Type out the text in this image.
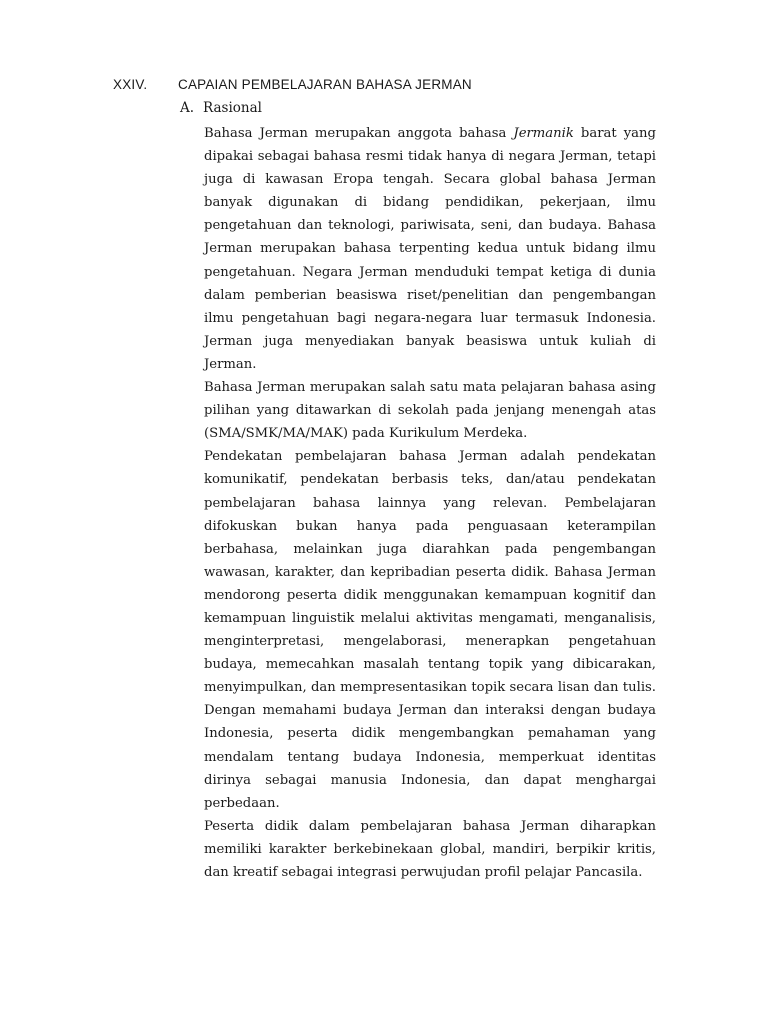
XXIV. CAPAIAN PEMBELAJARAN BAHASA JERMAN
A. Rasional

Bahasa Jerman merupakan anggota bahasa Jermanik barat yang dipakai sebagai bahasa resmi tidak hanya di negara Jerman, tetapi juga di kawasan Eropa tengah. Secara global bahasa Jerman banyak digunakan di bidang pendidikan, pekerjaan, ilmu pengetahuan dan teknologi, pariwisata, seni, dan budaya. Bahasa Jerman merupakan bahasa terpenting kedua untuk bidang ilmu pengetahuan. Negara Jerman menduduki tempat ketiga di dunia dalam pemberian beasiswa riset/penelitian dan pengembangan ilmu pengetahuan bagi negara-negara luar termasuk Indonesia. Jerman juga menyediakan banyak beasiswa untuk kuliah di Jerman.

Bahasa Jerman merupakan salah satu mata pelajaran bahasa asing pilihan yang ditawarkan di sekolah pada jenjang menengah atas (SMA/SMK/MA/MAK) pada Kurikulum Merdeka.

Pendekatan pembelajaran bahasa Jerman adalah pendekatan komunikatif, pendekatan berbasis teks, dan/atau pendekatan pembelajaran bahasa lainnya yang relevan. Pembelajaran difokuskan bukan hanya pada penguasaan keterampilan berbahasa, melainkan juga diarahkan pada pengembangan wawasan, karakter, dan kepribadian peserta didik. Bahasa Jerman mendorong peserta didik menggunakan kemampuan kognitif dan kemampuan linguistik melalui aktivitas mengamati, menganalisis, menginterpretasi, mengelaborasi, menerapkan pengetahuan budaya, memecahkan masalah tentang topik yang dibicarakan, menyimpulkan, dan mempresentasikan topik secara lisan dan tulis. Dengan memahami budaya Jerman dan interaksi dengan budaya Indonesia, peserta didik mengembangkan pemahaman yang mendalam tentang budaya Indonesia, memperkuat identitas dirinya sebagai manusia Indonesia, dan dapat menghargai perbedaan.

Peserta didik dalam pembelajaran bahasa Jerman diharapkan memiliki karakter berkebinekaan global, mandiri, berpikir kritis, dan kreatif sebagai integrasi perwujudan profil pelajar Pancasila.
